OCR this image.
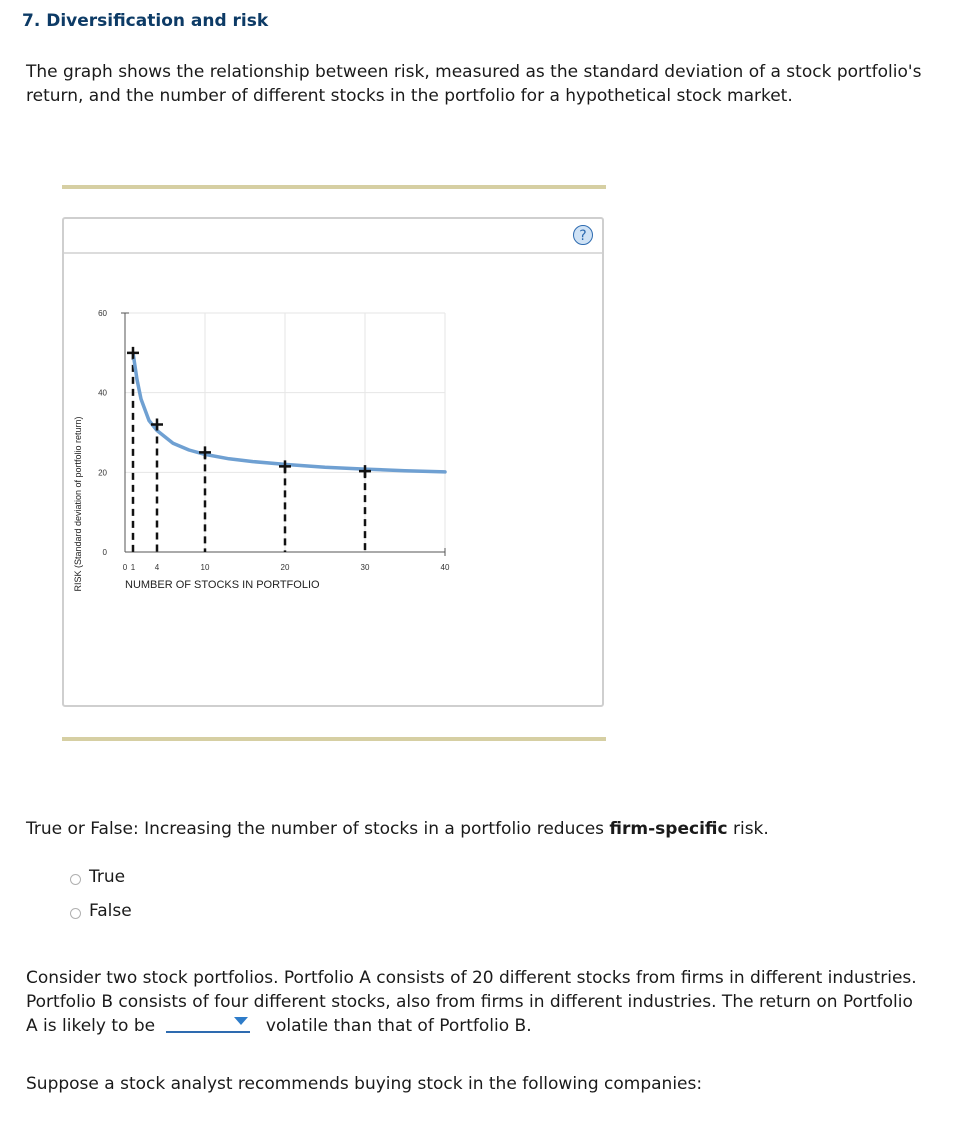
7. Diversification and risk
The graph shows the relationship between risk, measured as the standard deviation of a stock portfolio's return, and the number of different stocks in the portfolio for a hypothetical stock market.
?
0
20
40
60
0 1 4	10	20	30	40
NUMBER OF STOCKS IN PORTFOLIO
RISK (Standard deviation of portfolio return)
True or False: Increasing the number of stocks in a portfolio reduces firm-specific risk.
True
False
Consider two stock portfolios. Portfolio A consists of 20 different stocks from firms in different industries. Portfolio B consists of four different stocks, also from firms in different industries. The return on Portfolio A is likely to be	volatile than that of Portfolio B.
Suppose a stock analyst recommends buying stock in the following companies:
